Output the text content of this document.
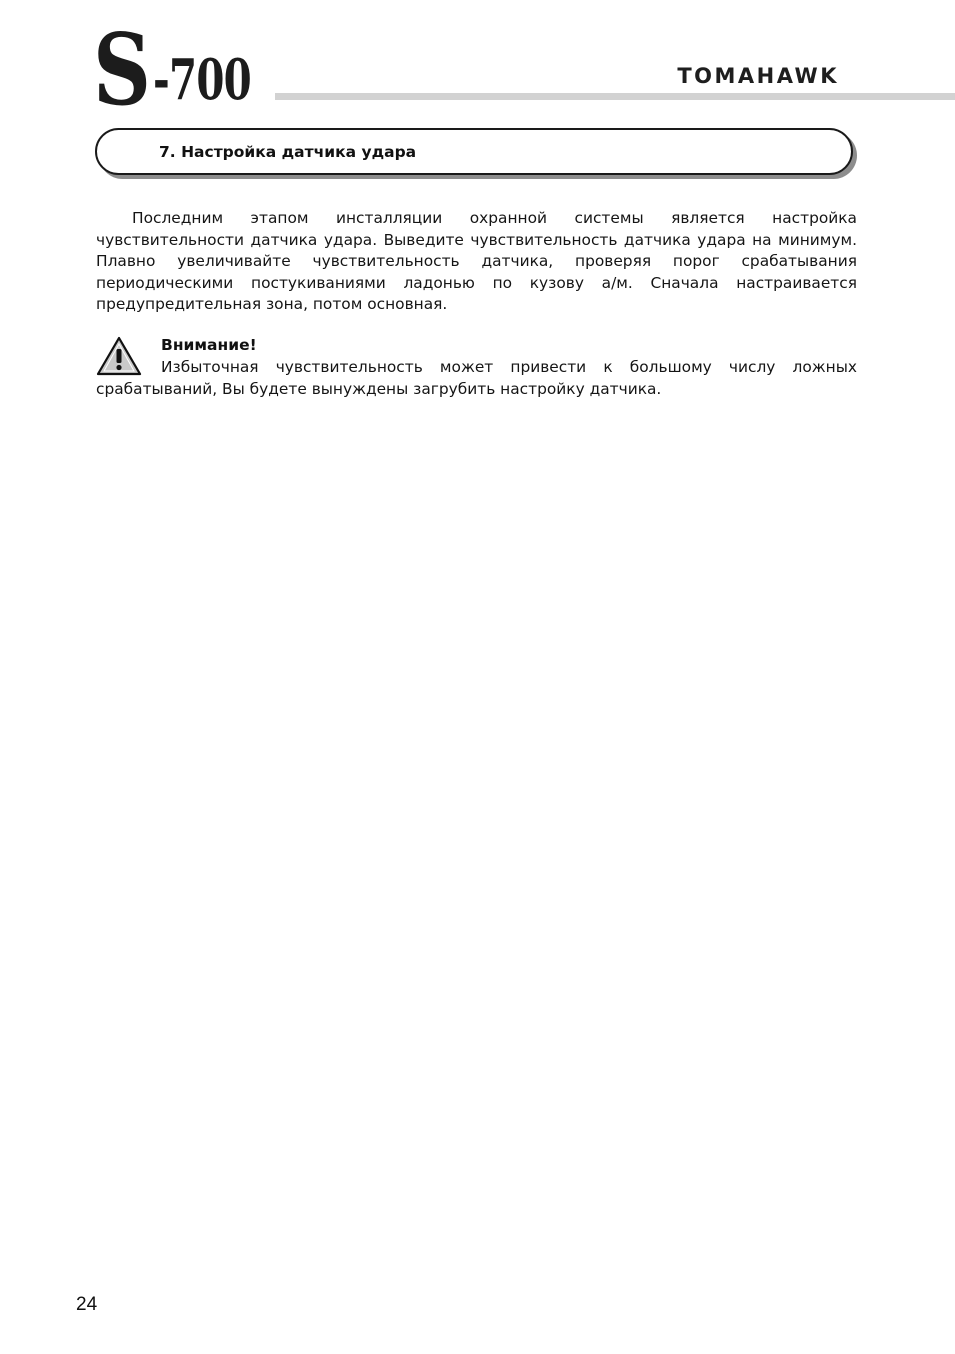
S -700	TOMAHAWK
7. Настройка датчика удара

Последним этапом инсталляции охранной системы является настройка чувствительности датчика удара. Выведите чувствительность датчика удара на минимум. Плавно увеличивайте чувствительность датчика, проверяя порог срабатывания периодическими постукиваниями ладонью по кузову а/м. Сначала настраивается предупредительная зона, потом основная.

Внимание!

Избыточная чувствительность может привести к большому числу ложных срабатываний, Вы будете вынуждены загрубить настройку датчика.

24
